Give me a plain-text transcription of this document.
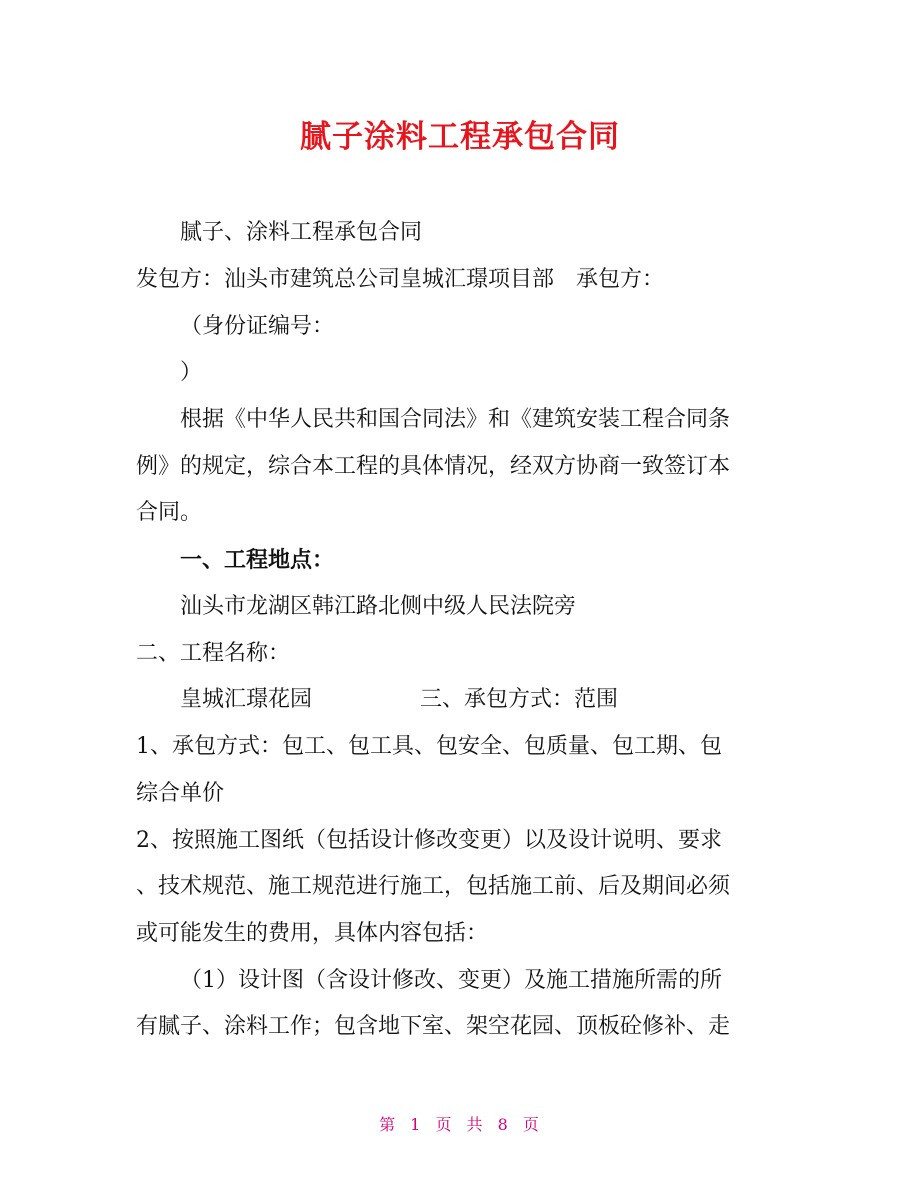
腻子涂料工程承包合同
腻子、涂料工程承包合同
发包方：汕头市建筑总公司皇城汇璟项目部　承包方：
（身份证编号：
）
根据《中华人民共和国合同法》和《建筑安装工程合同条
例》的规定，综合本工程的具体情况，经双方协商一致签订本
合同。
一、工程地点：
汕头市龙湖区韩江路北侧中级人民法院旁
二、工程名称：
皇城汇璟花园	三、承包方式：范围
1、承包方式：包工、包工具、包安全、包质量、包工期、包
综合单价
2、按照施工图纸（包括设计修改变更）以及设计说明、要求
、技术规范、施工规范进行施工，包括施工前、后及期间必须
或可能发生的费用，具体内容包括：
（1）设计图（含设计修改、变更）及施工措施所需的所
有腻子、涂料工作；包含地下室、架空花园、顶板砼修补、走
第 1 页 共 8 页
